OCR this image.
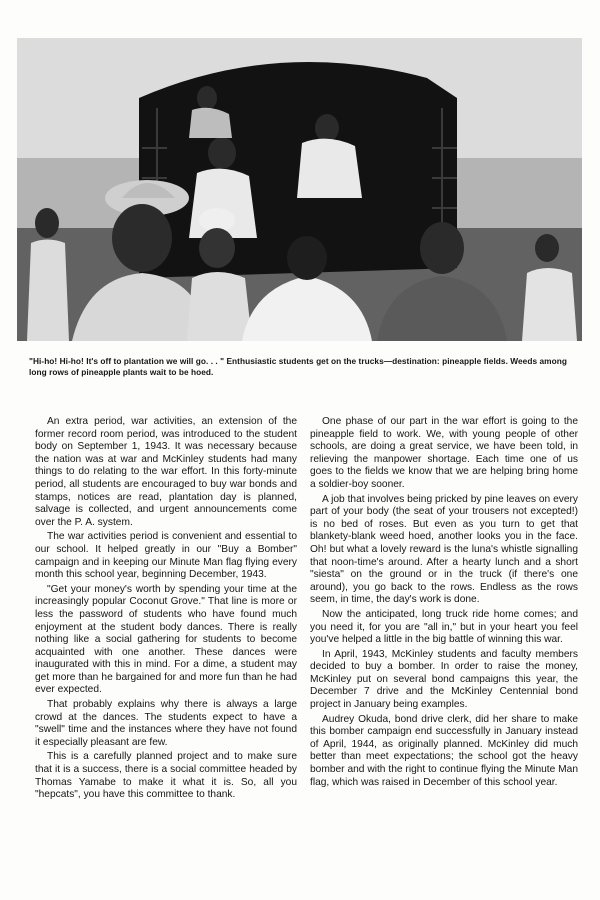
"Hi-ho! Hi-ho! It's off to plantation we will go. . . " Enthusiastic students get on the trucks—destination: pineapple fields. Weeds among long rows of pineapple plants wait to be hoed.

An extra period, war activities, an extension of the former record room period, was introduced to the student body on September 1, 1943. It was necessary because the nation was at war and McKinley students had many things to do relating to the war effort. In this forty-minute period, all students are encouraged to buy war bonds and stamps, notices are read, plantation day is planned, salvage is collected, and urgent announcements come over the P. A. system.

The war activities period is convenient and essential to our school. It helped greatly in our "Buy a Bomber" campaign and in keeping our Minute Man flag flying every month this school year, beginning December, 1943.

"Get your money's worth by spending your time at the increasingly popular Coconut Grove." That line is more or less the password of students who have found much enjoyment at the student body dances. There is really nothing like a social gathering for students to become acquainted with one another. These dances were inaugurated with this in mind. For a dime, a student may get more than he bargained for and more fun than he had ever expected.

That probably explains why there is always a large crowd at the dances. The students expect to have a "swell" time and the instances where they have not found it especially pleasant are few.

This is a carefully planned project and to make sure that it is a success, there is a social committee headed by Thomas Yamabe to make it what it is. So, all you "hepcats", you have this committee to thank.

One phase of our part in the war effort is going to the pineapple field to work. We, with young people of other schools, are doing a great service, we have been told, in relieving the manpower shortage. Each time one of us goes to the fields we know that we are helping bring home a soldier-boy sooner.

A job that involves being pricked by pine leaves on every part of your body (the seat of your trousers not excepted!) is no bed of roses. But even as you turn to get that blankety-blank weed hoed, another looks you in the face. Oh! but what a lovely reward is the luna's whistle signalling that noon-time's around. After a hearty lunch and a short "siesta" on the ground or in the truck (if there's one around), you go back to the rows. Endless as the rows seem, in time, the day's work is done.

Now the anticipated, long truck ride home comes; and you need it, for you are "all in," but in your heart you feel you've helped a little in the big battle of winning this war.

In April, 1943, McKinley students and faculty members decided to buy a bomber. In order to raise the money, McKinley put on several bond campaigns this year, the December 7 drive and the McKinley Centennial bond project in January being examples.

Audrey Okuda, bond drive clerk, did her share to make this bomber campaign end successfully in January instead of April, 1944, as originally planned. McKinley did much better than meet expectations; the school got the heavy bomber and with the right to continue flying the Minute Man flag, which was raised in December of this school year.
